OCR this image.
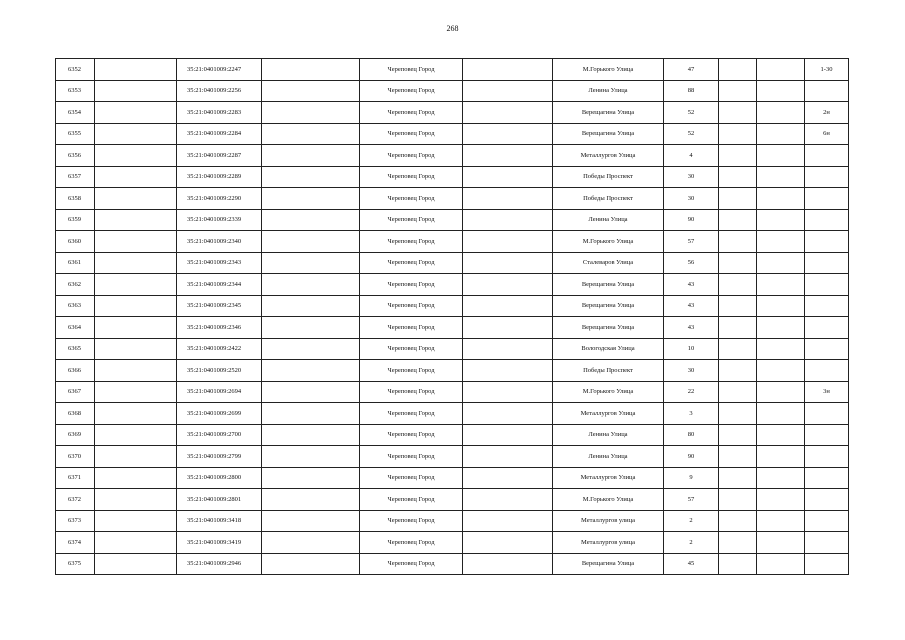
268
6352		35:21:0401009:2247		Череповец Город		М.Горького Улица	47			1-30
6353		35:21:0401009:2256		Череповец Город		Ленина Улица	88			
6354		35:21:0401009:2283		Череповец Город		Верещагина Улица	52			2н
6355		35:21:0401009:2284		Череповец Город		Верещагина Улица	52			6н
6356		35:21:0401009:2287		Череповец Город		Металлургов Улица	4			
6357		35:21:0401009:2289		Череповец Город		Победы Проспект	30			
6358		35:21:0401009:2290		Череповец Город		Победы Проспект	30			
6359		35:21:0401009:2339		Череповец Город		Ленина Улица	90			
6360		35:21:0401009:2340		Череповец Город		М.Горького Улица	57			
6361		35:21:0401009:2343		Череповец Город		Сталеваров Улица	56			
6362		35:21:0401009:2344		Череповец Город		Верещагина Улица	43			
6363		35:21:0401009:2345		Череповец Город		Верещагина Улица	43			
6364		35:21:0401009:2346		Череповец Город		Верещагина Улица	43			
6365		35:21:0401009:2422		Череповец Город		Вологодская Улица	10			
6366		35:21:0401009:2520		Череповец Город		Победы Проспект	30			
6367		35:21:0401009:2694		Череповец Город		М.Горького Улица	22			3н
6368		35:21:0401009:2699		Череповец Город		Металлургов Улица	3			
6369		35:21:0401009:2700		Череповец Город		Ленина Улица	80			
6370		35:21:0401009:2799		Череповец Город		Ленина Улица	90			
6371		35:21:0401009:2800		Череповец Город		Металлургов Улица	9			
6372		35:21:0401009:2801		Череповец Город		М.Горького Улица	57			
6373		35:21:0401009:3418		Череповец Город		Металлургов улица	2			
6374		35:21:0401009:3419		Череповец Город		Металлургов улица	2			
6375		35:21:0401009:2946		Череповец Город		Верещагина Улица	45			
